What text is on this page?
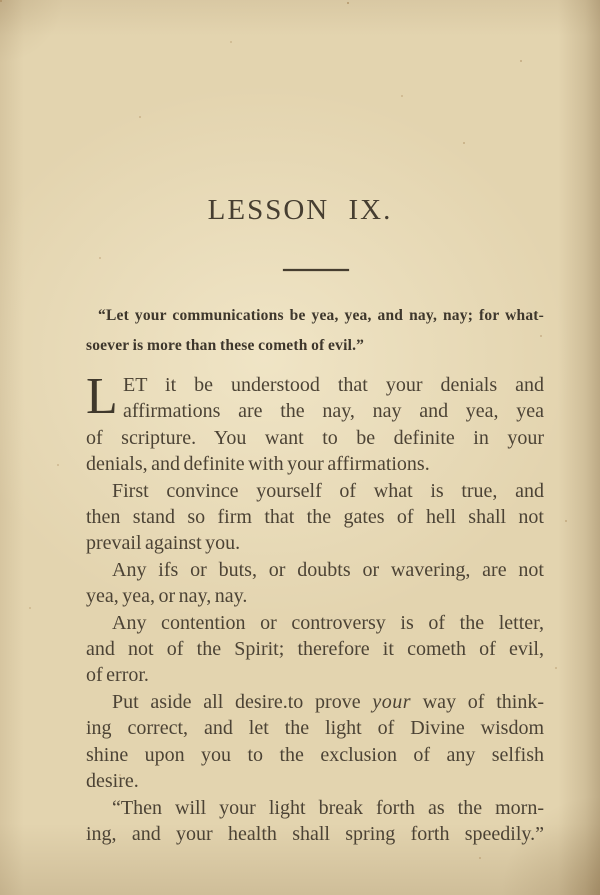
LESSON IX.
“Let your communications be yea, yea, and nay, nay; for what-
soever is more than these cometh of evil.”
L ET it be understood that your denials and
affirmations are the nay, nay and yea, yea
of scripture. You want to be definite in your
denials, and definite with your affirmations.
First convince yourself of what is true, and
then stand so firm that the gates of hell shall not
prevail against you.
Any ifs or buts, or doubts or wavering, are not
yea, yea, or nay, nay.
Any contention or controversy is of the letter,
and not of the Spirit; therefore it cometh of evil,
of error.
Put aside all desire.to prove your way of think-
ing correct, and let the light of Divine wisdom
shine upon you to the exclusion of any selfish
desire.
“Then will your light break forth as the morn-
ing, and your health shall spring forth speedily.”
